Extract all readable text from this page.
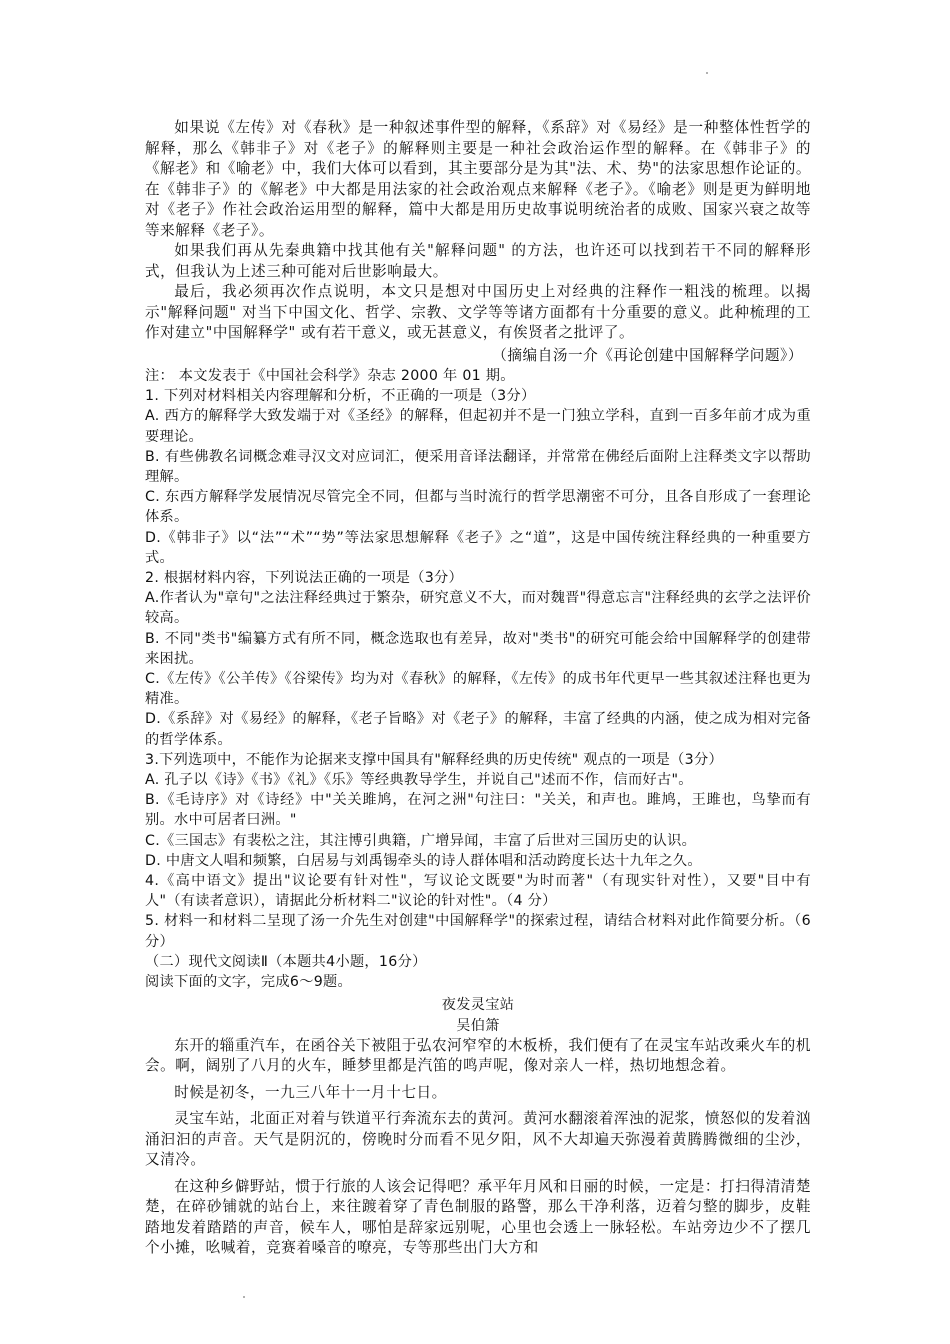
如果说《左传》对《春秋》是一种叙述事件型的解释，《系辞》对《易经》是一种整体性哲学的解释，那么《韩非子》对《老子》的解释则主要是一种社会政治运作型的解释。在《韩非子》的《解老》和《喻老》中，我们大体可以看到，其主要部分是为其"法、术、势"的法家思想作论证的。在《韩非子》的《解老》中大都是用法家的社会政治观点来解释《老子》。《喻老》则是更为鲜明地对《老子》作社会政治运用型的解释，篇中大都是用历史故事说明统治者的成败、国家兴衰之故等等来解释《老子》。

如果我们再从先秦典籍中找其他有关"解释问题" 的方法，也许还可以找到若干不同的解释形式，但我认为上述三种可能对后世影响最大。

最后，我必须再次作点说明，本文只是想对中国历史上对经典的注释作一粗浅的梳理。以揭示"解释问题" 对当下中国文化、哲学、宗教、文学等等诸方面都有十分重要的意义。此种梳理的工作对建立"中国解释学" 或有若干意义，或无甚意义，有俟贤者之批评了。

（摘编自汤一介《再论创建中国解释学问题》）

注： 本文发表于《中国社会科学》杂志 2000 年 01 期。

1. 下列对材料相关内容理解和分析，不正确的一项是（3分）

A. 西方的解释学大致发端于对《圣经》的解释，但起初并不是一门独立学科，直到一百多年前才成为重要理论。

B. 有些佛教名词概念难寻汉文对应词汇，便采用音译法翻译，并常常在佛经后面附上注释类文字以帮助理解。

C. 东西方解释学发展情况尽管完全不同，但都与当时流行的哲学思潮密不可分，且各自形成了一套理论体系。

D.《韩非子》以“法”“术”“势”等法家思想解释《老子》之“道”，这是中国传统注释经典的一种重要方式。

2. 根据材料内容，下列说法正确的一项是（3分）

A.作者认为"章句"之法注释经典过于繁杂，研究意义不大，而对魏晋"得意忘言"注释经典的玄学之法评价较高。

B. 不同"类书"编纂方式有所不同，概念选取也有差异，故对"类书"的研究可能会给中国解释学的创建带来困扰。

C.《左传》《公羊传》《谷梁传》均为对《春秋》的解释，《左传》的成书年代更早一些其叙述注释也更为精准。

D.《系辞》对《易经》的解释，《老子旨略》对《老子》的解释，丰富了经典的内涵，使之成为相对完备的哲学体系。

3.下列选项中，不能作为论据来支撑中国具有"解释经典的历史传统" 观点的一项是（3分）

A. 孔子以《诗》《书》《礼》《乐》等经典教导学生，并说自己"述而不作，信而好古"。

B.《毛诗序》对《诗经》中"关关雎鸠，在河之洲"句注曰："关关，和声也。雎鸠，王雎也，鸟挚而有别。水中可居者曰洲。"

C.《三国志》有裴松之注，其注博引典籍，广增异闻，丰富了后世对三国历史的认识。

D. 中唐文人唱和频繁，白居易与刘禹锡牵头的诗人群体唱和活动跨度长达十九年之久。

4.《高中语文》提出"议论要有针对性"，写议论文既要"为时而著"（有现实针对性），又要"目中有人"（有读者意识），请据此分析材料二"议论的针对性"。（4 分）

5. 材料一和材料二呈现了汤一介先生对创建"中国解释学"的探索过程，请结合材料对此作简要分析。（6分）

（二）现代文阅读Ⅱ（本题共4小题，16分）

阅读下面的文字，完成6～9题。

夜发灵宝站

吴伯箫

东开的辎重汽车，在函谷关下被阻于弘农河窄窄的木板桥，我们便有了在灵宝车站改乘火车的机会。啊，阔别了八月的火车，睡梦里都是汽笛的鸣声呢，像对亲人一样，热切地想念着。

时候是初冬，一九三八年十一月十七日。

灵宝车站，北面正对着与铁道平行奔流东去的黄河。黄河水翻滚着浑浊的泥浆，愤怒似的发着汹涌汩汩的声音。天气是阴沉的，傍晚时分而看不见夕阳，风不大却遍天弥漫着黄腾腾微细的尘沙，又清冷。

在这种乡僻野站，惯于行旅的人该会记得吧？承平年月风和日丽的时候，一定是：打扫得清清楚楚，在碎砂铺就的站台上，来往踱着穿了青色制服的路警，那么干净利落，迈着匀整的脚步，皮鞋踏地发着踏踏的声音，候车人，哪怕是辞家远别呢，心里也会透上一脉轻松。车站旁边少不了摆几个小摊，吆喊着，竞赛着嗓音的嘹亮，专等那些出门大方和
